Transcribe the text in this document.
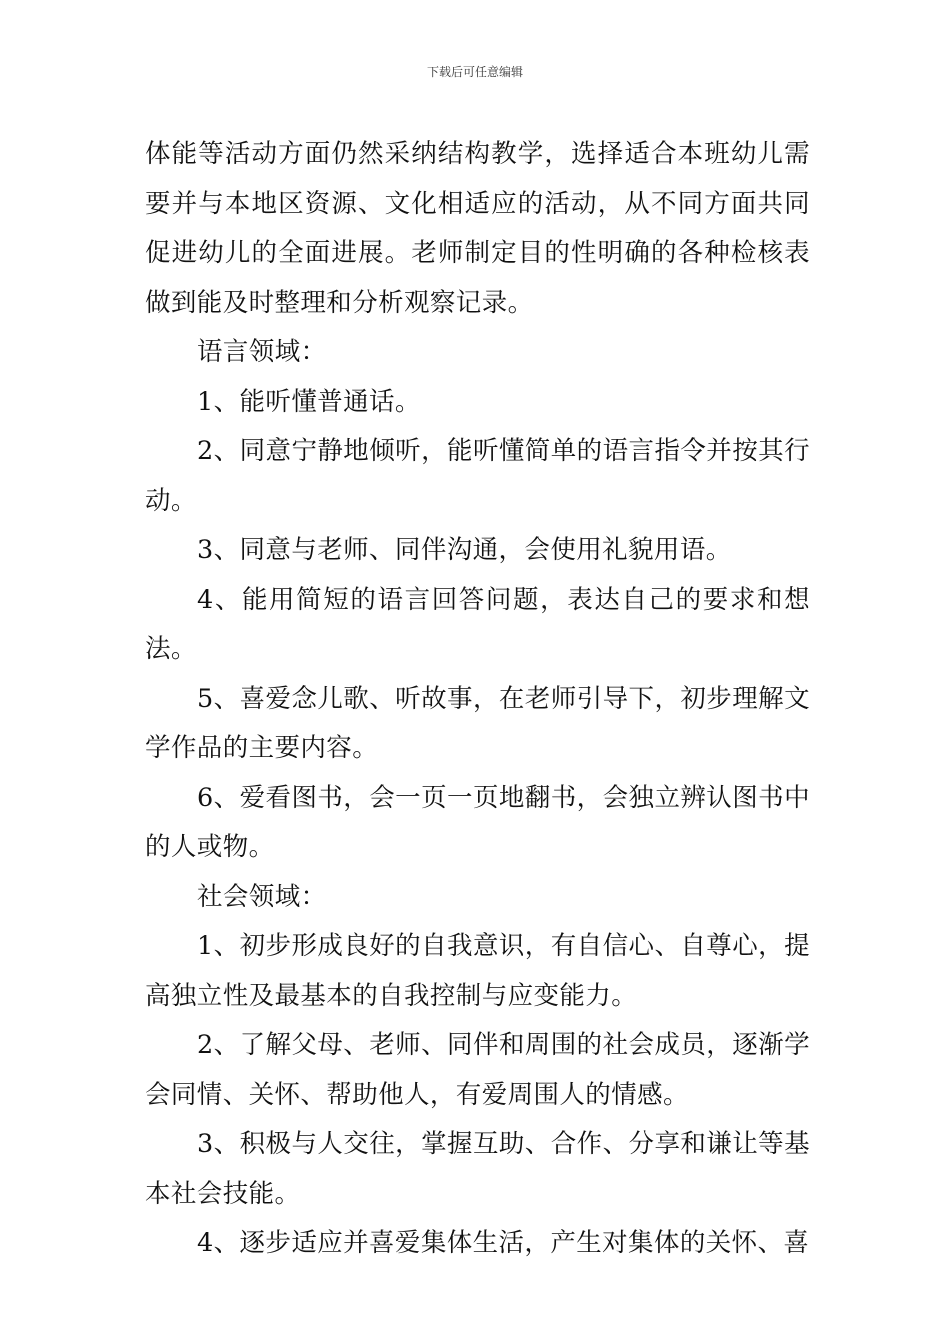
下载后可任意编辑

体能等活动方面仍然采纳结构教学，选择适合本班幼儿需要并与本地区资源、文化相适应的活动，从不同方面共同促进幼儿的全面进展。老师制定目的性明确的各种检核表做到能及时整理和分析观察记录。

语言领域：

1、能听懂普通话。

2、同意宁静地倾听，能听懂简单的语言指令并按其行动。

3、同意与老师、同伴沟通，会使用礼貌用语。

4、能用简短的语言回答问题，表达自己的要求和想法。

5、喜爱念儿歌、听故事，在老师引导下，初步理解文学作品的主要内容。

6、爱看图书，会一页一页地翻书，会独立辨认图书中的人或物。

社会领域：

1、初步形成良好的自我意识，有自信心、自尊心，提高独立性及最基本的自我控制与应变能力。

2、了解父母、老师、同伴和周围的社会成员，逐渐学会同情、关怀、帮助他人，有爱周围人的情感。

3、积极与人交往，掌握互助、合作、分享和谦让等基本社会技能。

4、逐步适应并喜爱集体生活，产生对集体的关怀、喜
